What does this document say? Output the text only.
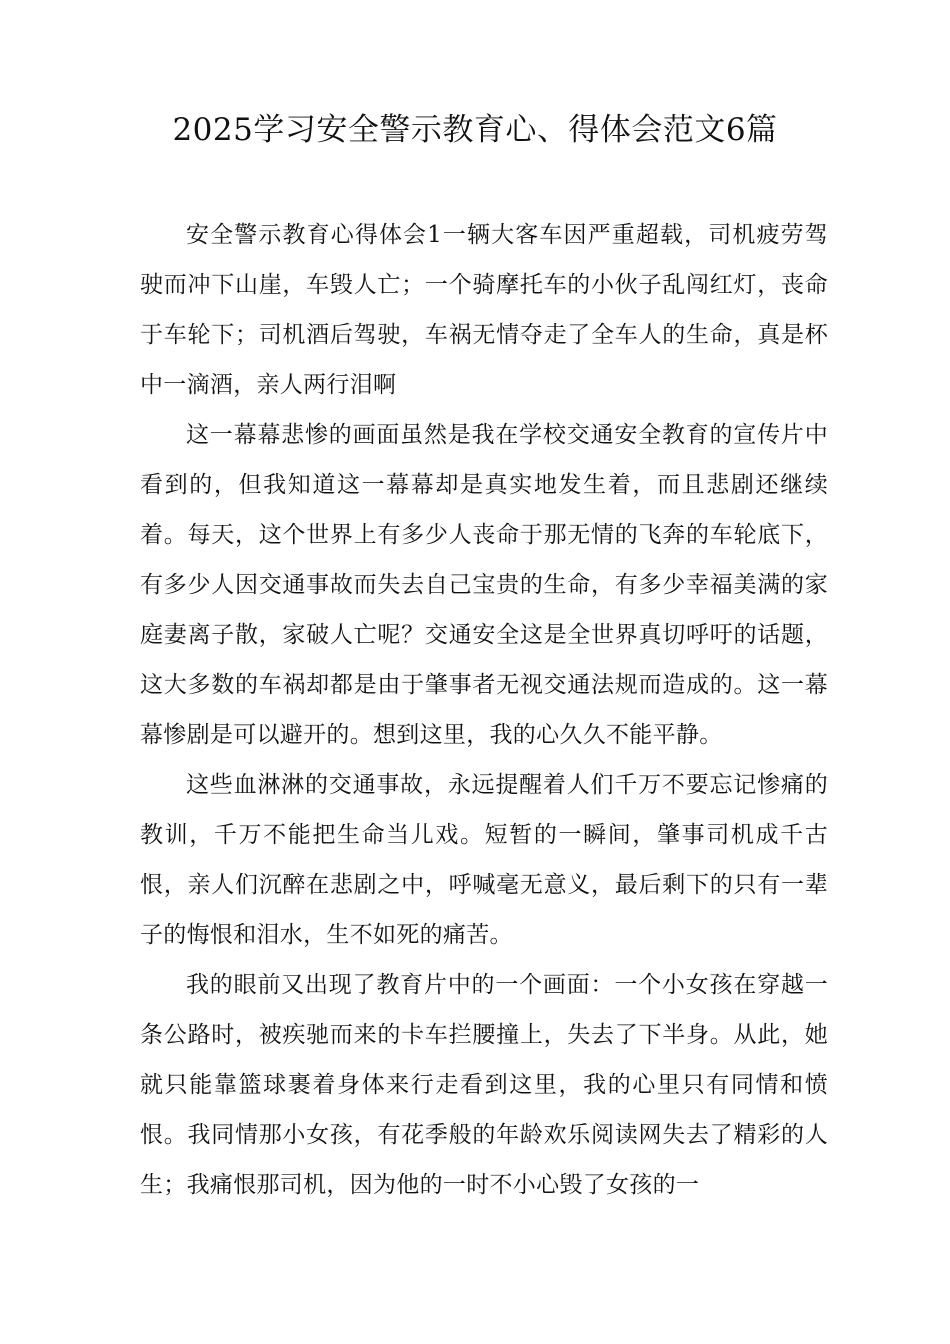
2025学习安全警示教育心、得体会范文6篇

安全警示教育心得体会1一辆大客车因严重超载，司机疲劳驾驶而冲下山崖，车毁人亡；一个骑摩托车的小伙子乱闯红灯，丧命于车轮下；司机酒后驾驶，车祸无情夺走了全车人的生命，真是杯中一滴酒，亲人两行泪啊

这一幕幕悲惨的画面虽然是我在学校交通安全教育的宣传片中看到的，但我知道这一幕幕却是真实地发生着，而且悲剧还继续着。每天，这个世界上有多少人丧命于那无情的飞奔的车轮底下，有多少人因交通事故而失去自己宝贵的生命，有多少幸福美满的家庭妻离子散，家破人亡呢？交通安全这是全世界真切呼吁的话题，这大多数的车祸却都是由于肇事者无视交通法规而造成的。这一幕幕惨剧是可以避开的。想到这里，我的心久久不能平静。

这些血淋淋的交通事故，永远提醒着人们千万不要忘记惨痛的教训，千万不能把生命当儿戏。短暂的一瞬间，肇事司机成千古恨，亲人们沉醉在悲剧之中，呼喊毫无意义，最后剩下的只有一辈子的悔恨和泪水，生不如死的痛苦。

我的眼前又出现了教育片中的一个画面：一个小女孩在穿越一条公路时，被疾驰而来的卡车拦腰撞上，失去了下半身。从此，她就只能靠篮球裹着身体来行走看到这里，我的心里只有同情和愤恨。我同情那小女孩，有花季般的年龄欢乐阅读网失去了精彩的人生；我痛恨那司机，因为他的一时不小心毁了女孩的一
